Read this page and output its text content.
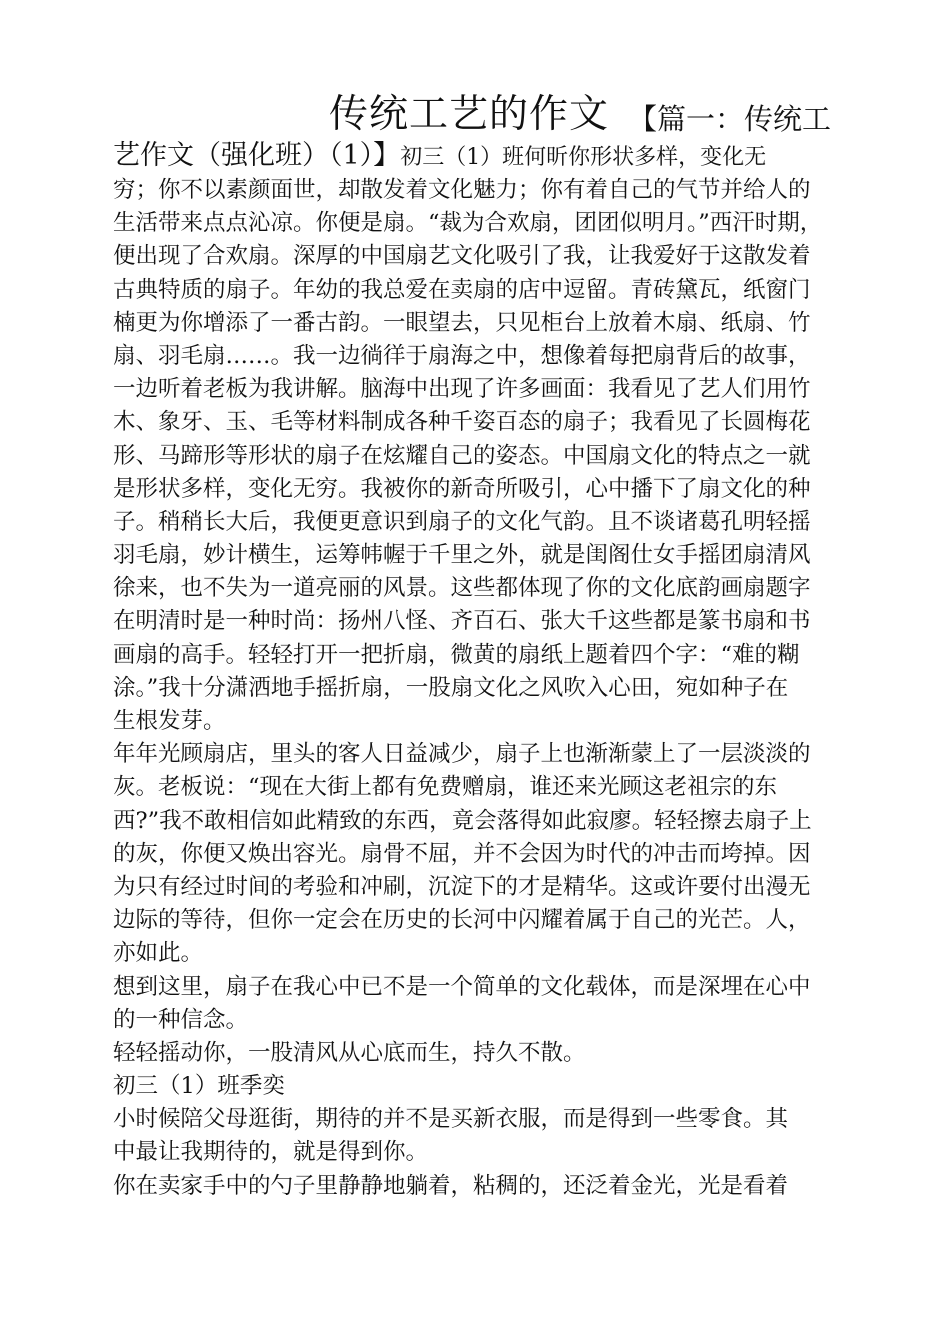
传统工艺的作文 【篇一：传统工
艺作文（强化班）（1）】初三（1）班何昕你形状多样，变化无
穷；你不以素颜面世，却散发着文化魅力；你有着自己的气节并给人的
生活带来点点沁凉。你便是扇。“裁为合欢扇，团团似明月。”西汗时期，
便出现了合欢扇。深厚的中国扇艺文化吸引了我，让我爱好于这散发着
古典特质的扇子。年幼的我总爱在卖扇的店中逗留。青砖黛瓦，纸窗门
楠更为你增添了一番古韵。一眼望去，只见柜台上放着木扇、纸扇、竹
扇、羽毛扇……。我一边徜徉于扇海之中，想像着每把扇背后的故事，
一边听着老板为我讲解。脑海中出现了许多画面：我看见了艺人们用竹
木、象牙、玉、毛等材料制成各种千姿百态的扇子；我看见了长圆梅花
形、马蹄形等形状的扇子在炫耀自己的姿态。中国扇文化的特点之一就
是形状多样，变化无穷。我被你的新奇所吸引，心中播下了扇文化的种
子。稍稍长大后，我便更意识到扇子的文化气韵。且不谈诸葛孔明轻摇
羽毛扇，妙计横生，运筹帏幄于千里之外，就是闺阁仕女手摇团扇清风
徐来，也不失为一道亮丽的风景。这些都体现了你的文化底韵画扇题字
在明清时是一种时尚：扬州八怪、齐百石、张大千这些都是篆书扇和书
画扇的高手。轻轻打开一把折扇，微黄的扇纸上题着四个字：“难的糊
涂。”我十分潇洒地手摇折扇，一股扇文化之风吹入心田，宛如种子在
生根发芽。
年年光顾扇店，里头的客人日益减少，扇子上也渐渐蒙上了一层淡淡的
灰。老板说：“现在大街上都有免费赠扇，谁还来光顾这老祖宗的东
西?”我不敢相信如此精致的东西，竟会落得如此寂廖。轻轻擦去扇子上
的灰，你便又焕出容光。扇骨不屈，并不会因为时代的冲击而垮掉。因
为只有经过时间的考验和冲刷，沉淀下的才是精华。这或许要付出漫无
边际的等待，但你一定会在历史的长河中闪耀着属于自己的光芒。人，
亦如此。
想到这里，扇子在我心中已不是一个简单的文化载体，而是深埋在心中
的一种信念。
轻轻摇动你，一股清风从心底而生，持久不散。
初三（1）班季奕
小时候陪父母逛街，期待的并不是买新衣服，而是得到一些零食。其
中最让我期待的，就是得到你。
你在卖家手中的勺子里静静地躺着，粘稠的，还泛着金光，光是看着
